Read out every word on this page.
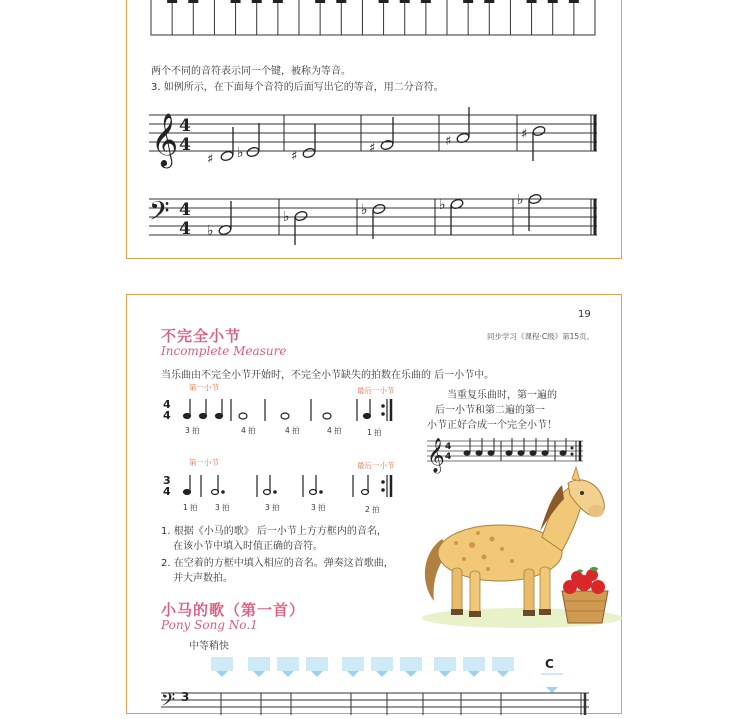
两个不同的音符表示同一个键，被称为等音。
3. 如例所示，在下面每个音符的后面写出它的等音，用二分音符。
𝄞 4
4
♯ ♭	♯
♯	♯	♯
𝄢 4
4 ♭
♭	♭	♭	♭
19
同步学习《课程·C级》第15页。
不完全小节
Incomplete Measure
当乐曲由不完全小节开始时，不完全小节缺失的拍数在乐曲的 后一小节中。
第一小节	最后一小节
4
4
3 拍	4 拍	4 拍	4 拍	1 拍
第一小节	最后一小节
3
4
1 拍 3 拍	3 拍	3 拍	2 拍
当重复乐曲时，第一遍的
后一小节和第二遍的第一
小节正好合成一个完全小节！
𝄞 4
4
1. 根据《小马的歌》 后一小节上方方框内的音名，
在该小节中填入时值正确的音符。
2. 在空着的方框中填入相应的音名。弹奏这首歌曲，
并大声数拍。
小马的歌（第一首）
Pony Song No.1
中等稍快
C
𝄢 3
